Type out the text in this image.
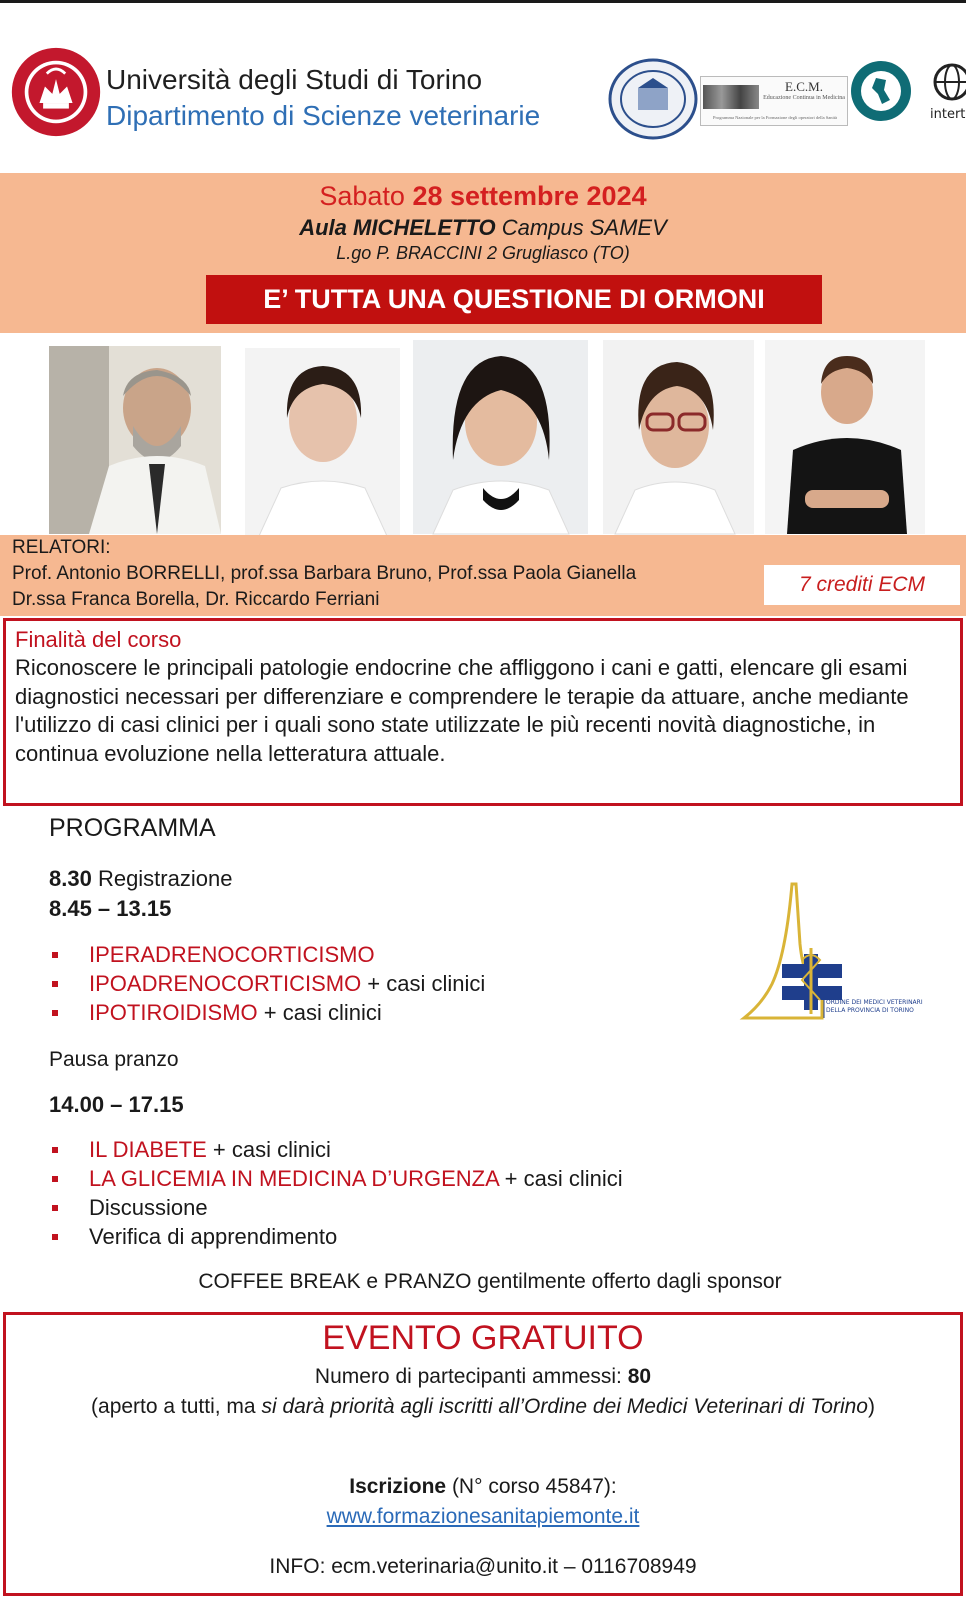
Università degli Studi di Torino
Dipartimento di Scienze veterinarie
E.C.M.
Educazione Continua in Medicina
Programma Nazionale per la Formazione degli operatori della Sanità	intert
Sabato 28 settembre 2024
Aula MICHELETTO Campus SAMEV
L.go P. BRACCINI 2 Grugliasco (TO)
E’ TUTTA UNA QUESTIONE DI ORMONI
RELATORI:
Prof. Antonio BORRELLI, prof.ssa Barbara Bruno, Prof.ssa Paola Gianella
Dr.ssa Franca Borella, Dr. Riccardo Ferriani
7 crediti ECM
Finalità del corso
Riconoscere le principali patologie endocrine che affliggono i cani e gatti, elencare gli esami diagnostici necessari per differenziare e comprendere le terapie da attuare, anche mediante l'utilizzo di casi clinici per i quali sono state utilizzate le più recenti novità diagnostiche, in continua evoluzione nella letteratura attuale.
PROGRAMMA
8.30 Registrazione
8.45 – 13.15
IPERADRENOCORTICISMO
IPOADRENOCORTICISMO + casi clinici
IPOTIROIDISMO + casi clinici
Pausa pranzo
14.00 – 17.15
IL DIABETE + casi clinici
LA GLICEMIA IN MEDICINA D’URGENZA + casi clinici
Discussione
Verifica di apprendimento
ORDINE DEI MEDICI VETERINARI
DELLA PROVINCIA DI TORINO
COFFEE BREAK e PRANZO gentilmente offerto dagli sponsor
EVENTO GRATUITO
Numero di partecipanti ammessi: 80
(aperto a tutti, ma si darà priorità agli iscritti all’Ordine dei Medici Veterinari di Torino)
Iscrizione (N° corso 45847):
www.formazionesanitapiemonte.it
INFO: ecm.veterinaria@unito.it – 0116708949
